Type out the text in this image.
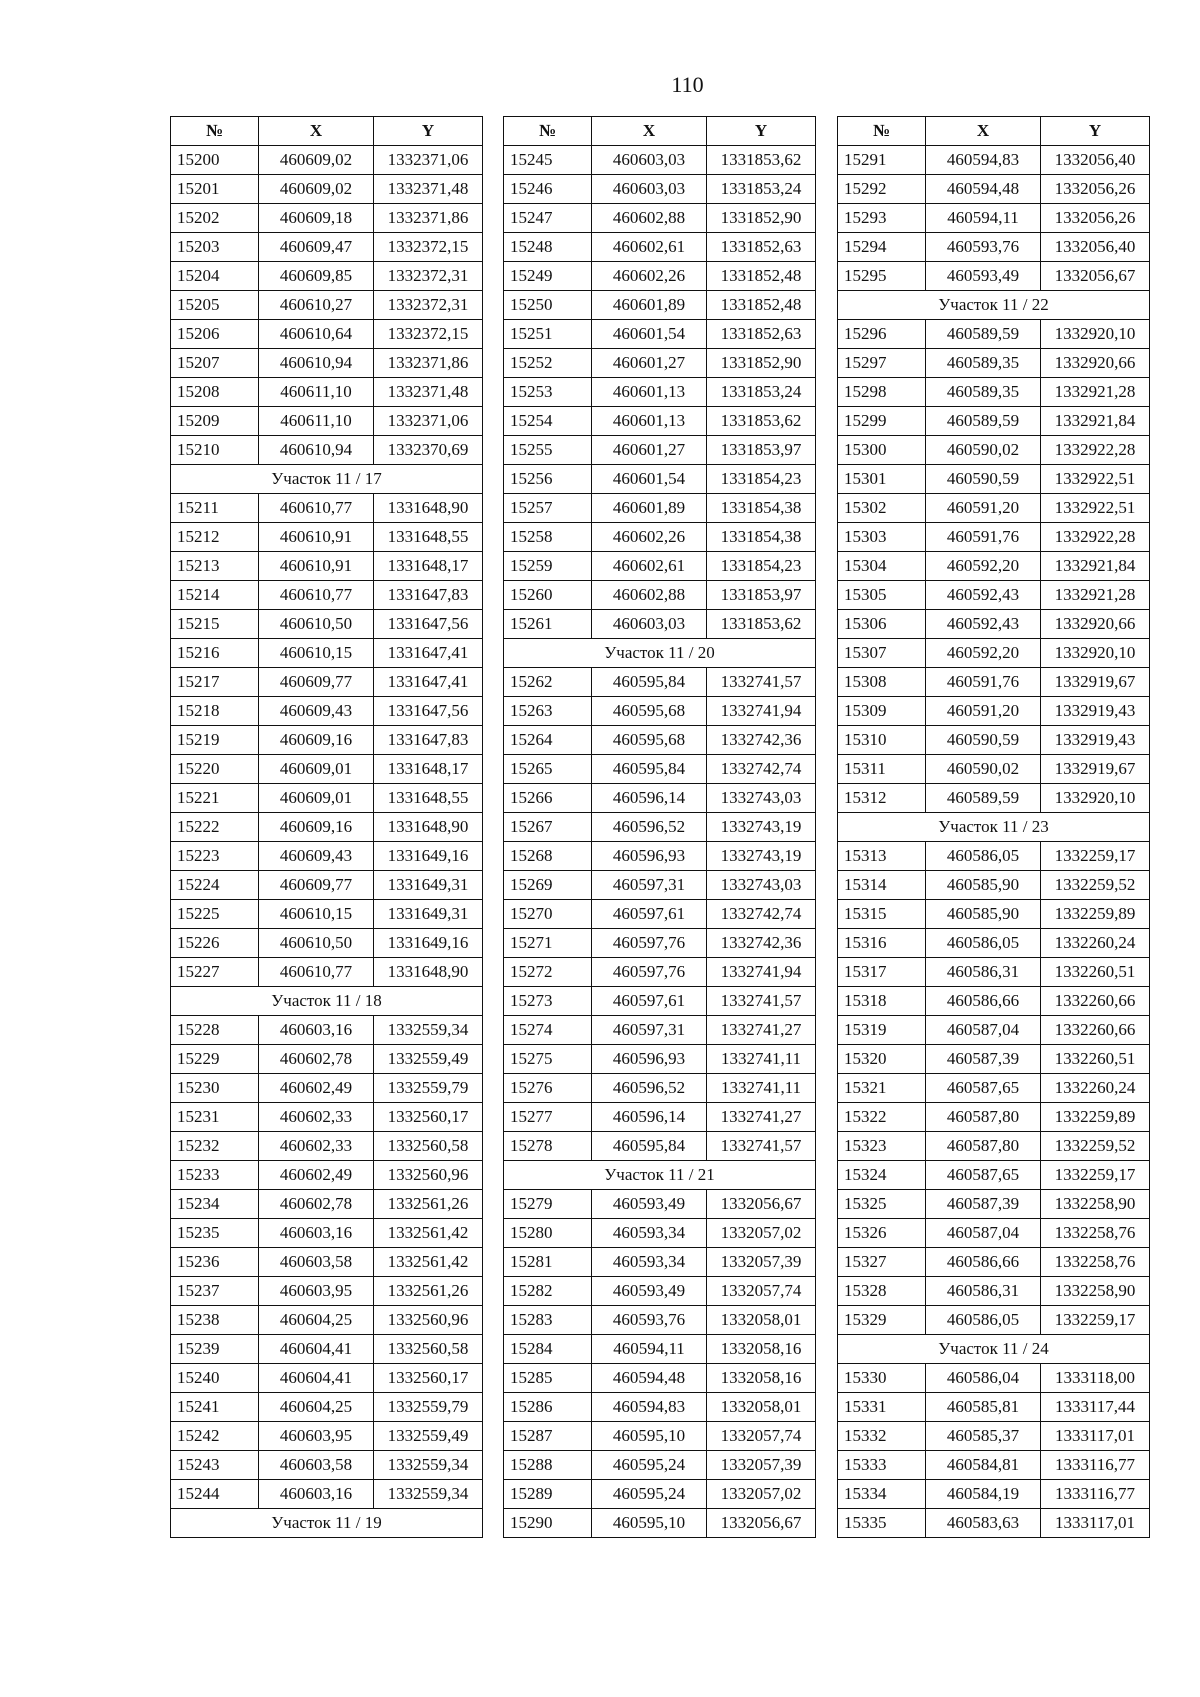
110
№	X	Y
15200	460609,02	1332371,06
15201	460609,02	1332371,48
15202	460609,18	1332371,86
15203	460609,47	1332372,15
15204	460609,85	1332372,31
15205	460610,27	1332372,31
15206	460610,64	1332372,15
15207	460610,94	1332371,86
15208	460611,10	1332371,48
15209	460611,10	1332371,06
15210	460610,94	1332370,69
Участок 11 / 17		
15211	460610,77	1331648,90
15212	460610,91	1331648,55
15213	460610,91	1331648,17
15214	460610,77	1331647,83
15215	460610,50	1331647,56
15216	460610,15	1331647,41
15217	460609,77	1331647,41
15218	460609,43	1331647,56
15219	460609,16	1331647,83
15220	460609,01	1331648,17
15221	460609,01	1331648,55
15222	460609,16	1331648,90
15223	460609,43	1331649,16
15224	460609,77	1331649,31
15225	460610,15	1331649,31
15226	460610,50	1331649,16
15227	460610,77	1331648,90
Участок 11 / 18		
15228	460603,16	1332559,34
15229	460602,78	1332559,49
15230	460602,49	1332559,79
15231	460602,33	1332560,17
15232	460602,33	1332560,58
15233	460602,49	1332560,96
15234	460602,78	1332561,26
15235	460603,16	1332561,42
15236	460603,58	1332561,42
15237	460603,95	1332561,26
15238	460604,25	1332560,96
15239	460604,41	1332560,58
15240	460604,41	1332560,17
15241	460604,25	1332559,79
15242	460603,95	1332559,49
15243	460603,58	1332559,34
15244	460603,16	1332559,34
Участок 11 / 19		
№	X	Y
15245	460603,03	1331853,62
15246	460603,03	1331853,24
15247	460602,88	1331852,90
15248	460602,61	1331852,63
15249	460602,26	1331852,48
15250	460601,89	1331852,48
15251	460601,54	1331852,63
15252	460601,27	1331852,90
15253	460601,13	1331853,24
15254	460601,13	1331853,62
15255	460601,27	1331853,97
15256	460601,54	1331854,23
15257	460601,89	1331854,38
15258	460602,26	1331854,38
15259	460602,61	1331854,23
15260	460602,88	1331853,97
15261	460603,03	1331853,62
Участок 11 / 20		
15262	460595,84	1332741,57
15263	460595,68	1332741,94
15264	460595,68	1332742,36
15265	460595,84	1332742,74
15266	460596,14	1332743,03
15267	460596,52	1332743,19
15268	460596,93	1332743,19
15269	460597,31	1332743,03
15270	460597,61	1332742,74
15271	460597,76	1332742,36
15272	460597,76	1332741,94
15273	460597,61	1332741,57
15274	460597,31	1332741,27
15275	460596,93	1332741,11
15276	460596,52	1332741,11
15277	460596,14	1332741,27
15278	460595,84	1332741,57
Участок 11 / 21		
15279	460593,49	1332056,67
15280	460593,34	1332057,02
15281	460593,34	1332057,39
15282	460593,49	1332057,74
15283	460593,76	1332058,01
15284	460594,11	1332058,16
15285	460594,48	1332058,16
15286	460594,83	1332058,01
15287	460595,10	1332057,74
15288	460595,24	1332057,39
15289	460595,24	1332057,02
15290	460595,10	1332056,67
№	X	Y
15291	460594,83	1332056,40
15292	460594,48	1332056,26
15293	460594,11	1332056,26
15294	460593,76	1332056,40
15295	460593,49	1332056,67
Участок 11 / 22		
15296	460589,59	1332920,10
15297	460589,35	1332920,66
15298	460589,35	1332921,28
15299	460589,59	1332921,84
15300	460590,02	1332922,28
15301	460590,59	1332922,51
15302	460591,20	1332922,51
15303	460591,76	1332922,28
15304	460592,20	1332921,84
15305	460592,43	1332921,28
15306	460592,43	1332920,66
15307	460592,20	1332920,10
15308	460591,76	1332919,67
15309	460591,20	1332919,43
15310	460590,59	1332919,43
15311	460590,02	1332919,67
15312	460589,59	1332920,10
Участок 11 / 23		
15313	460586,05	1332259,17
15314	460585,90	1332259,52
15315	460585,90	1332259,89
15316	460586,05	1332260,24
15317	460586,31	1332260,51
15318	460586,66	1332260,66
15319	460587,04	1332260,66
15320	460587,39	1332260,51
15321	460587,65	1332260,24
15322	460587,80	1332259,89
15323	460587,80	1332259,52
15324	460587,65	1332259,17
15325	460587,39	1332258,90
15326	460587,04	1332258,76
15327	460586,66	1332258,76
15328	460586,31	1332258,90
15329	460586,05	1332259,17
Участок 11 / 24		
15330	460586,04	1333118,00
15331	460585,81	1333117,44
15332	460585,37	1333117,01
15333	460584,81	1333116,77
15334	460584,19	1333116,77
15335	460583,63	1333117,01
